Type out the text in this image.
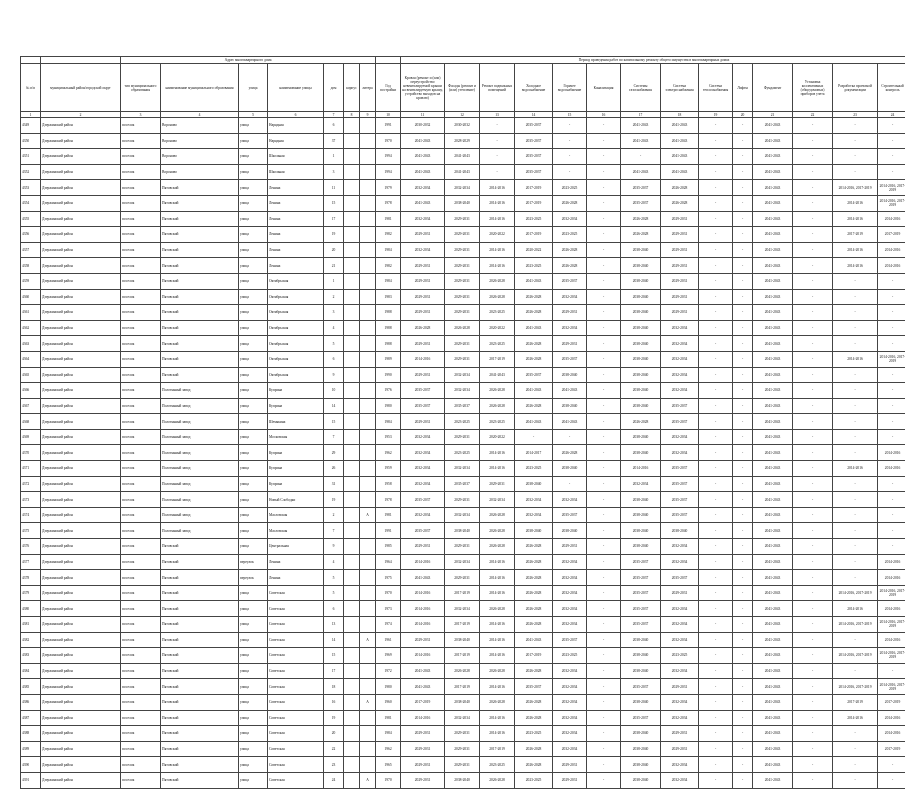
		Адрес многоквартирного дома								Период проведения работ по капитальному ремонту общего имущества в многоквартирных домах													
№ п/п	муниципальный район/городской округ	тип муниципального образования	наименование муниципального образования	улица	наименование улицы	дом	корпус	литера	Год постройки	Кровля (ремонт и (или) переустройство невентилируемой крыши на вентилируемую крышу, устройство выходов на кровлю)	Фасады (ремонт и (или) утепление)	Ремонт подвальных помещений	Холодное водоснабжение	Горячее водоснабжение	Канализация	Системы газоснабжения	Система электроснабжения	Система теплоснабжения	Лифты	Фундамент	Установка коллективных (общедомовых) приборов учета	Разработка проектной документации	Строительный контроль
1	2	3	4	5	6	7	8	9	10	11	12	13	14	15	16	17	18	19	20	21	22	23	24
4349	Дзержинский район	поселок	Вороново	улица	Нарядная	6			1991	2030-2032	2030-2032	-	2035-2037	-	-	2041-2043	2041-2043	-	-	2041-2043	-	-	-
4350	Дзержинский район	поселок	Вороново	улица	Нарядная	37			1970	2041-2043	2028-2029	-	2035-2037	-	-	2041-2043	2041-2043	-	-	2041-2043	-	-	-
4351	Дзержинский район	поселок	Вороново	улица	Школьная	1			1994	2041-2043	2041-2043	-	2035-2037	-	-	-	2041-2043	-	-	2041-2043	-	-	-
4352	Дзержинский район	поселок	Вороново	улица	Школьная	3			1994	2041-2043	2041-2043	-	2035-2037	-	-	2041-2043	2041-2043	-	-	2041-2043	-	-	-
4353	Дзержинский район	поселок	Пятовский	улица	Ленина	11			1979	2032-2034	2032-2034	2014-2016	2017-2019	2023-2025	-	2035-2037	2026-2028	-	-	2041-2043	-	2014-2016, 2017-2019	2014-2016, 2017-2019
4354	Дзержинский район	поселок	Пятовский	улица	Ленина	15			1978	2041-2043	2038-2040	2014-2016	2017-2019	2026-2028	-	2035-2037	2026-2028	-	-	2041-2043	-	2014-2016	2014-2016, 2017-2019
4355	Дзержинский район	поселок	Пятовский	улица	Ленина	17			1981	2032-2034	2029-2031	2014-2016	2023-2025	2032-2034	-	2026-2028	2029-2031	-	-	2041-2043	-	2014-2016	2014-2016
4356	Дзержинский район	поселок	Пятовский	улица	Ленина	19			1982	2029-2031	2029-2031	2020-2022	2017-2019	2023-2025	-	2026-2028	2029-2031	-	-	2041-2043	-	2017-2019	2017-2019
4357	Дзержинский район	поселок	Пятовский	улица	Ленина	20			1984	2032-2034	2029-2031	2014-2016	2020-2022	2026-2028	-	2038-2040	2029-2031	-	-	2041-2043	-	2014-2016	2014-2016
4358	Дзержинский район	поселок	Пятовский	улица	Ленина	21			1982	2029-2031	2029-2031	2014-2016	2023-2025	2026-2028	-	2038-2040	2029-2031	-	-	2041-2043	-	2014-2016	2014-2016
4359	Дзержинский район	поселок	Пятовский	улица	Октябрьская	1			1984	2029-2031	2029-2031	2026-2028	2041-2043	2035-2037	-	2038-2040	2029-2031	-	-	2041-2043	-	-	-
4360	Дзержинский район	поселок	Пятовский	улица	Октябрьская	2			1983	2029-2031	2029-2031	2026-2028	2026-2028	2032-2034	-	2038-2040	2029-2031	-	-	2041-2043	-	-	-
4361	Дзержинский район	поселок	Пятовский	улица	Октябрьская	3			1988	2029-2031	2029-2031	2023-2025	2026-2028	2029-2031	-	2038-2040	2029-2031	-	-	2041-2043	-	-	-
4362	Дзержинский район	поселок	Пятовский	улица	Октябрьская	4			1988	2026-2028	2026-2028	2020-2022	2041-2043	2032-2034	-	2038-2040	2032-2034	-	-	2041-2043	-	-	-
4363	Дзержинский район	поселок	Пятовский	улица	Октябрьская	5			1988	2029-2031	2029-2031	2023-2025	2026-2028	2029-2031	-	2038-2040	2032-2034	-	-	2041-2043	-	-	-
4364	Дзержинский район	поселок	Пятовский	улица	Октябрьская	6			1989	2014-2016	2029-2031	2017-2019	2026-2028	2035-2037	-	2038-2040	2032-2034	-	-	2041-2043	-	2014-2016	2014-2016, 2017-2019
4365	Дзержинский район	поселок	Пятовский	улица	Октябрьская	9			1990	2029-2031	2032-2034	2041-2043	2035-2037	2038-2040	-	2038-2040	2032-2034	-	-	2041-2043	-	-	-
4366	Дзержинский район	поселок	Полотняный завод	улица	Куприна	10			1976	2035-2037	2032-2034	2026-2028	2041-2043	2041-2043	-	2038-2040	2032-2034	-	-	2041-2043	-	-	-
4367	Дзержинский район	поселок	Полотняный завод	улица	Куприна	14			1980	2035-2037	2035-2037	2026-2028	2026-2028	2038-2040	-	2038-2040	2035-2037	-	-	2041-2043	-	-	-
4368	Дзержинский район	поселок	Полотняный завод	улица	Шемякина	15			1984	2029-2031	2023-2025	2023-2025	2041-2043	2041-2043	-	2026-2028	2035-2037	-	-	2041-2043	-	-	-
4369	Дзержинский район	поселок	Полотняный завод	улица	Московская	7			1953	2032-2034	2029-2031	2020-2022	-	-	-	2038-2040	2032-2034	-	-	2041-2043	-	-	-
4370	Дзержинский район	поселок	Полотняный завод	улица	Куприна	29			1962	2032-2034	2023-2025	2014-2016	2014-2017	2026-2028	-	2038-2040	2032-2034	-	-	2041-2043	-	-	2014-2016
4371	Дзержинский район	поселок	Полотняный завод	улица	Куприна	26			1959	2032-2034	2032-2034	2014-2016	2023-2025	2038-2040	-	2014-2016	2035-2037	-	-	2041-2043	-	2014-2016	2014-2016
4372	Дзержинский район	поселок	Полотняный завод	улица	Куприна	31			1958	2032-2034	2035-2037	2029-2031	2038-2040	-	-	2032-2034	2035-2037	-	-	2041-2043	-	-	-
4373	Дзержинский район	поселок	Полотняный завод	улица	Новый Слободки	19			1978	2035-2037	2029-2031	2032-2034	2032-2034	2032-2034	-	2038-2040	2035-2037	-	-	2041-2043	-	-	-
4374	Дзержинский район	поселок	Полотняный завод	улица	Масловская	2		А	1981	2032-2034	2032-2034	2026-2028	2032-2034	2035-2037	-	2038-2040	2035-2037	-	-	2041-2043	-	-	-
4375	Дзержинский район	поселок	Полотняный завод	улица	Масловская	7			1991	2035-2037	2038-2040	2026-2028	2038-2040	2038-2040	-	2038-2040	2038-2040	-	-	2041-2043	-	-	-
4376	Дзержинский район	поселок	Пятовский	улица	Центральная	9			1985	2029-2031	2029-2031	2026-2028	2026-2028	2029-2031	-	2038-2040	2032-2034	-	-	2041-2043	-	-	-
4377	Дзержинский район	поселок	Пятовский	переулок	Ленина	4			1964	2014-2016	2032-2034	2014-2016	2026-2028	2032-2034	-	2035-2037	2032-2034	-	-	2041-2043	-	-	2014-2016
4378	Дзержинский район	поселок	Пятовский	переулок	Ленина	5			1975	2041-2043	2029-2031	2014-2016	2026-2028	2032-2034	-	2035-2037	2035-2037	-	-	2041-2043	-	-	2014-2016
4379	Дзержинский район	поселок	Пятовский	улица	Советская	5			1970	2014-2016	2017-2019	2014-2016	2026-2028	2032-2034	-	2035-2037	2029-2031	-	-	2041-2043	-	2014-2016, 2017-2019	2014-2016, 2017-2019
4380	Дзержинский район	поселок	Пятовский	улица	Советская	6			1973	2014-2016	2032-2034	2026-2028	2026-2028	2032-2034	-	2035-2037	2032-2034	-	-	2041-2043	-	2014-2016	2014-2016
4381	Дзержинский район	поселок	Пятовский	улица	Советская	13			1974	2014-2016	2017-2019	2014-2016	2026-2028	2032-2034	-	2035-2037	2032-2034	-	-	2041-2043	-	2014-2016, 2017-2019	2014-2016, 2017-2019
4382	Дзержинский район	поселок	Пятовский	улица	Советская	14		А	1961	2029-2031	2038-2040	2014-2016	2041-2043	2035-2037	-	2038-2040	2032-2034	-	-	2041-2043	-	-	2014-2016
4383	Дзержинский район	поселок	Пятовский	улица	Советская	15			1969	2014-2016	2017-2019	2014-2016	2017-2019	2023-2025	-	2038-2040	2023-2025	-	-	2041-2043	-	2014-2016, 2017-2019	2014-2016, 2017-2019
4384	Дзержинский район	поселок	Пятовский	улица	Советская	17			1972	2041-2043	2026-2028	2026-2028	2026-2028	2032-2034	-	2038-2040	2032-2034	-	-	2041-2043	-	-	-
4385	Дзержинский район	поселок	Пятовский	улица	Советская	18			1980	2041-2043	2017-2019	2014-2016	2035-2037	2032-2034	-	2035-2037	2029-2031	-	-	2041-2043	-	2014-2016, 2017-2019	2014-2016, 2017-2019
4386	Дзержинский район	поселок	Пятовский	улица	Советская	16		А	1960	2017-2019	2038-2040	2026-2028	2026-2028	2032-2034	-	2038-2040	2032-2034	-	-	2041-2043	-	2017-2019	2017-2019
4387	Дзержинский район	поселок	Пятовский	улица	Советская	19			1981	2014-2016	2032-2034	2014-2016	2026-2028	2032-2034	-	2035-2037	2032-2034	-	-	2041-2043	-	2014-2016	2014-2016
4388	Дзержинский район	поселок	Пятовский	улица	Советская	20			1984	2029-2031	2029-2031	2014-2016	2023-2025	2032-2034	-	2038-2040	2029-2031	-	-	2041-2043	-	-	2014-2016
4389	Дзержинский район	поселок	Пятовский	улица	Советская	22			1962	2029-2031	2029-2031	2017-2019	2026-2028	2032-2034	-	2038-2040	2029-2031	-	-	2041-2043	-	-	2017-2019
4390	Дзержинский район	поселок	Пятовский	улица	Советская	23			1965	2029-2031	2029-2031	2023-2025	2026-2028	2029-2031	-	2038-2040	2032-2034	-	-	2041-2043	-	-	-
4391	Дзержинский район	поселок	Пятовский	улица	Советская	24		А	1970	2029-2031	2038-2040	2026-2028	2023-2025	2029-2031	-	2038-2040	2032-2034	-	-	2041-2043	-	-	-
